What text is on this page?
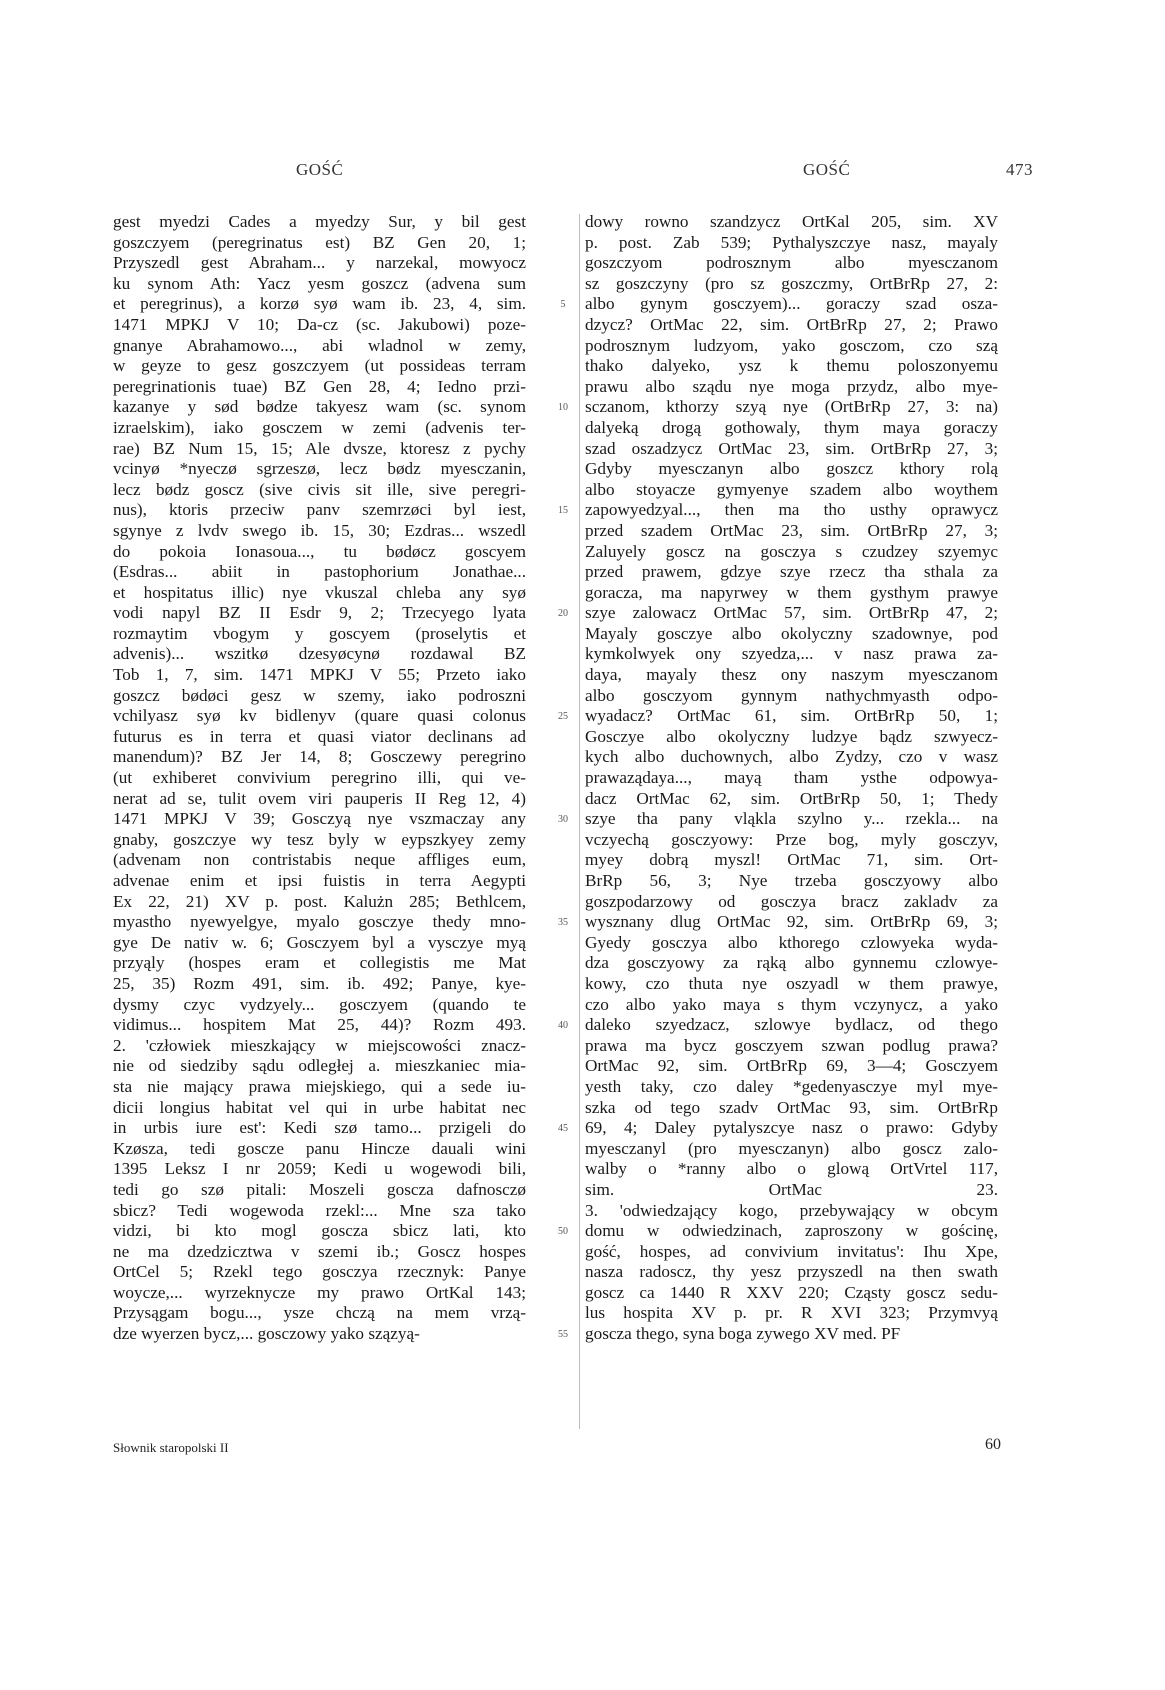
GOŚĆ	GOŚĆ	473
gest myedzi Cades a myedzy Sur, y bil gest
goszczyem (peregrinatus est) BZ Gen 20, 1;
Przyszedl gest Abraham... y narzekal, mowyocz
ku synom Ath: Yacz yesm goszcz (advena sum
et peregrinus), a korzø syø wam ib. 23, 4, sim.
1471 MPKJ V 10; Da-cz (sc. Jakubowi) poze-
gnanye Abrahamowo..., abi wladnol w zemy,
w geyze to gesz goszczyem (ut possideas terram
peregrinationis tuae) BZ Gen 28, 4; Iedno przi-
kazanye y sød bødze takyesz wam (sc. synom
izraelskim), iako gosczem w zemi (advenis ter-
rae) BZ Num 15, 15; Ale dvsze, ktoresz z pychy
vcinyø *nyeczø sgrzeszø, lecz bødz myesczanin,
lecz bødz goscz (sive civis sit ille, sive peregri-
nus), ktoris przeciw panv szemrzøci byl iest,
sgynye z lvdv swego ib. 15, 30; Ezdras... wszedl
do pokoia Ionasoua..., tu bødøcz goscyem
(Esdras... abiit in pastophorium Jonathae...
et hospitatus illic) nye vkuszal chleba any syø
vodi napyl BZ II Esdr 9, 2; Trzecyego lyata
rozmaytim vbogym y goscyem (proselytis et
advenis)... wszitkø dzesyøcynø rozdawal BZ
Tob 1, 7, sim. 1471 MPKJ V 55; Przeto iako
goszcz bødøci gesz w szemy, iako podroszni
vchilyasz syø kv bidlenyv (quare quasi colonus
futurus es in terra et quasi viator declinans ad
manendum)? BZ Jer 14, 8; Gosczewy peregrino
(ut exhiberet convivium peregrino illi, qui ve-
nerat ad se, tulit ovem viri pauperis II Reg 12, 4)
1471 MPKJ V 39; Gosczyą nye vszmaczay any
gnaby, goszczye wy tesz byly w eypszkyey zemy
(advenam non contristabis neque affliges eum,
advenae enim et ipsi fuistis in terra Aegypti
Ex 22, 21) XV p. post. Kalużn 285; Bethlcem,
myastho nyewyelgye, myalo gosczye thedy mno-
gye De nativ w. 6; Gosczyem byl a vysczye myą
przyąly (hospes eram et collegistis me Mat
25, 35) Rozm 491, sim. ib. 492; Panye, kye-
dysmy czyc vydzyely... gosczyem (quando te
vidimus... hospitem Mat 25, 44)? Rozm 493.
2. 'człowiek mieszkający w miejscowości znacz-
nie od siedziby sądu odległej a. mieszkaniec mia-
sta nie mający prawa miejskiego, qui a sede iu-
dicii longius habitat vel qui in urbe habitat nec
in urbis iure est': Kedi szø tamo... przigeli do
Kzøsza, tedi goscze panu Hincze dauali wini
1395 Leksz I nr 2059; Kedi u wogewodi bili,
tedi go szø pitali: Moszeli goscza dafnosczø
sbicz? Tedi wogewoda rzekl:... Mne sza tako
vidzi, bi kto mogl goscza sbicz lati, kto
ne ma dzedzicztwa v szemi ib.; Goscz hospes
OrtCel 5; Rzekl tego gosczya rzecznyk: Panye
woycze,... wyrzeknycze my prawo OrtKal 143;
Przysągam bogu..., ysze chczą na mem vrzą-
dze wyerzen bycz,... gosczowy yako szązyą-
5
10
15
20
25
30
35
40
45
50
55
dowy rowno szandzycz OrtKal 205, sim. XV
p. post. Zab 539; Pythalyszczye nasz, mayaly
goszczyom podrosznym albo myesczanom
sz goszczyny (pro sz goszczmy, OrtBrRp 27, 2:
albo gynym gosczyem)... goraczy szad osza-
dzycz? OrtMac 22, sim. OrtBrRp 27, 2; Prawo
podrosznym ludzyom, yako gosczom, czo szą
thako dalyeko, ysz k themu poloszonyemu
prawu albo sządu nye moga przydz, albo mye-
sczanom, kthorzy szyą nye (OrtBrRp 27, 3: na)
dalyeką drogą gothowaly, thym maya goraczy
szad oszadzycz OrtMac 23, sim. OrtBrRp 27, 3;
Gdyby myesczanyn albo goszcz kthory rolą
albo stoyacze gymyenye szadem albo woythem
zapowyedzyal..., then ma tho usthy oprawycz
przed szadem OrtMac 23, sim. OrtBrRp 27, 3;
Zaluyely goscz na gosczya s czudzey szyemyc
przed prawem, gdzye szye rzecz tha sthala za
goracza, ma napyrwey w them gysthym prawye
szye zalowacz OrtMac 57, sim. OrtBrRp 47, 2;
Mayaly gosczye albo okolyczny szadownye, pod
kymkolwyek ony szyedza,... v nasz prawa za-
daya, mayaly thesz ony naszym myesczanom
albo gosczyom gynnym nathychmyasth odpo-
wyadacz? OrtMac 61, sim. OrtBrRp 50, 1;
Gosczye albo okolyczny ludzye bądz szwyecz-
kych albo duchownych, albo Zydzy, czo v wasz
prawaządaya..., mayą tham ysthe odpowya-
dacz OrtMac 62, sim. OrtBrRp 50, 1; Thedy
szye tha pany vląkla szylno y... rzekla... na
vczyechą gosczyowy: Prze bog, myly gosczyv,
myey dobrą myszl! OrtMac 71, sim. Ort-
BrRp 56, 3; Nye trzeba gosczyowy albo
goszpodarzowy od gosczya bracz zakladv za
wysznany dlug OrtMac 92, sim. OrtBrRp 69, 3;
Gyedy gosczya albo kthorego czlowyeka wyda-
dza gosczyowy za rąką albo gynnemu czlowye-
kowy, czo thuta nye oszyadl w them prawye,
czo albo yako maya s thym vczynycz, a yako
daleko szyedzacz, szlowye bydlacz, od thego
prawa ma bycz gosczyem szwan podlug prawa?
OrtMac 92, sim. OrtBrRp 69, 3—4; Gosczyem
yesth taky, czo daley *gedenyasczye myl mye-
szka od tego szadv OrtMac 93, sim. OrtBrRp
69, 4; Daley pytalyszcye nasz o prawo: Gdyby
myesczanyl (pro myesczanyn) albo goscz zalo-
walby o *ranny albo o glową OrtVrtel 117,
sim. OrtMac 23.
3. 'odwiedzający kogo, przebywający w obcym
domu w odwiedzinach, zaproszony w gościnę,
gość, hospes, ad convivium invitatus': Ihu Xpe,
nasza radoscz, thy yesz przyszedl na then swath
goscz ca 1440 R XXV 220; Cząsty goscz sedu-
lus hospita XV p. pr. R XVI 323; Przymvyą
goscza thego, syna boga zywego XV med. PF
Słownik staropolski II	60
